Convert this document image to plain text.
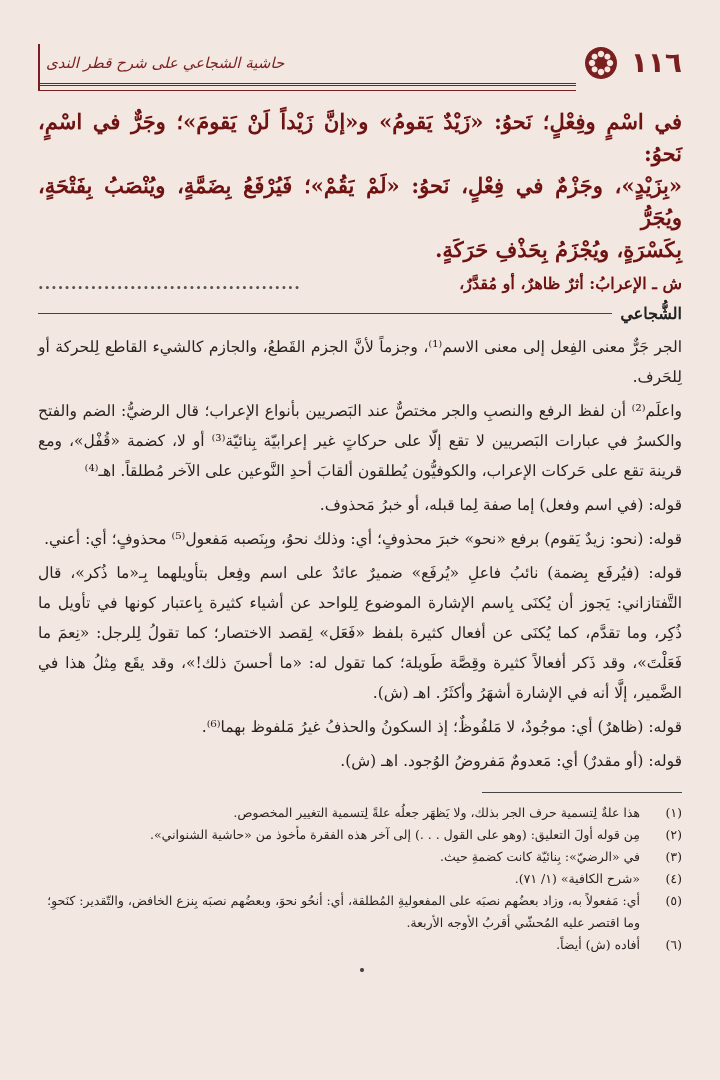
١١٦
حاشية الشجاعي على شرح قطر الندى

في اسْمٍ وفِعْلٍ؛ نَحوُ: «زَيْدٌ يَقومُ» و«إنَّ زَيْداً لَنْ يَقومَ»؛ وجَرٌّ في اسْمٍ، نَحوُ:

«بِزَيْدٍ»، وجَزْمٌ في فِعْلٍ، نَحوُ: «لَمْ يَقُمْ»؛ فَيُرْفَعُ بِضَمَّةٍ، ويُنْصَبُ بِفَتْحَةٍ، ويُجَرُّ

بِكَسْرَةٍ، ويُجْزَمُ بِحَذْفِ حَرَكَةٍ.

ش ـ الإعرابُ: أثرٌ ظاهرٌ، أو مُقدَّرٌ،
........................................
الشُّجاعي

الجر جَرٌّ معنى الفِعل إلى معنى الاسم⁽¹⁾، وجزماً لأنَّ الجزم القَطعُ، والجازم كالشيء القاطع لِلحركة أو لِلحَرف.

واعلَم⁽²⁾ أن لفظ الرفع والنصبِ والجر مختصٌّ عند البَصريين بأنواع الإعراب؛ قال الرضيُّ: الضم والفتح والكسرُ في عبارات البَصريين لا تقع إلّا على حركاتٍ غير إعرابيّة بِنائيّة⁽³⁾ أو لا، كضمة «قُفْل»، ومع قرينة تقع على حَركات الإعراب، والكوفيُّون يُطلقون ألقابَ أحدِ النَّوعين على الآخر مُطلقاً. اهـ⁽⁴⁾

قوله: (في اسم وفعل) إما صفة لِما قبله، أو خبرُ مَحذوف.

قوله: (نحو: زيدٌ يَقوم) برفع «نحو» خبرَ محذوفٍ؛ أي: وذلك نحوُ، وبِنَصبه مَفعول⁽⁵⁾ محذوفٍ؛ أي: أعني.

قوله: (فيُرفَع بِضمة) نائبُ فاعلِ «يُرفَع» ضميرٌ عائدٌ على اسم وفِعل بتأويلهما بِـ«ما ذُكر»، قال التَّفتازاني: يَجوز أن يُكنَى بِاسم الإشارة الموضوع لِلواحد عن أشياء كثيرة بِاعتبار كونها في تأويل ما ذُكِر، وما تقدَّم، كما يُكنَى عن أفعال كثيرة بلفظ «فَعَل» لِقصد الاختصار؛ كما تقولُ لِلرجل: «نِعمَ ما فَعَلْتَ»، وقد ذَكر أفعالاً كثيرة وقِصَّة طَويلة؛ كما تقول له: «ما أحسنَ ذلك!»، وقد يقَع مِثلُ هذا في الضَّمير، إلَّا أنه في الإشارة أشهَرُ وأكثَرُ. اهـ (ش).

قوله: (ظاهرٌ) أي: موجُودٌ، لا مَلفُوظٌ؛ إذ السكونُ والحذفُ غيرُ مَلفوظ بهما⁽⁶⁾.

قوله: (أو مقدرٌ) أي: مَعدومٌ مَفروضُ الوُجود. اهـ (ش).

(١)
هذا علةٌ لِتسمية حرف الجر بذلك، ولا يَظهَر جعلُه علةً لِتسمية التغيير المخصوص.
(٢)
مِن قوله أولَ التعليق: (وهو على القول . . .) إلى آخر هذه الفقرة مأخوذ من «حاشية الشنواني».
(٣)
في «الرضيّ»: بِنائيّة كانت كضمةِ حيث.
(٤)
«شرح الكافية» (١/ ٧١).
(٥)
أي: مَفعولاً به، وزاد بعضُهم نصبَه على المفعوليةِ المُطلقة، أي: أنحُو نحوَ، وبعضُهم نصبَه بِنزع الخافض، والتّقدير: كنَحوِ؛ وما اقتصر عليه المُحشّي أقربُ الأوجه الأربعة.
(٦)
أفاده (ش) أيضاً.
